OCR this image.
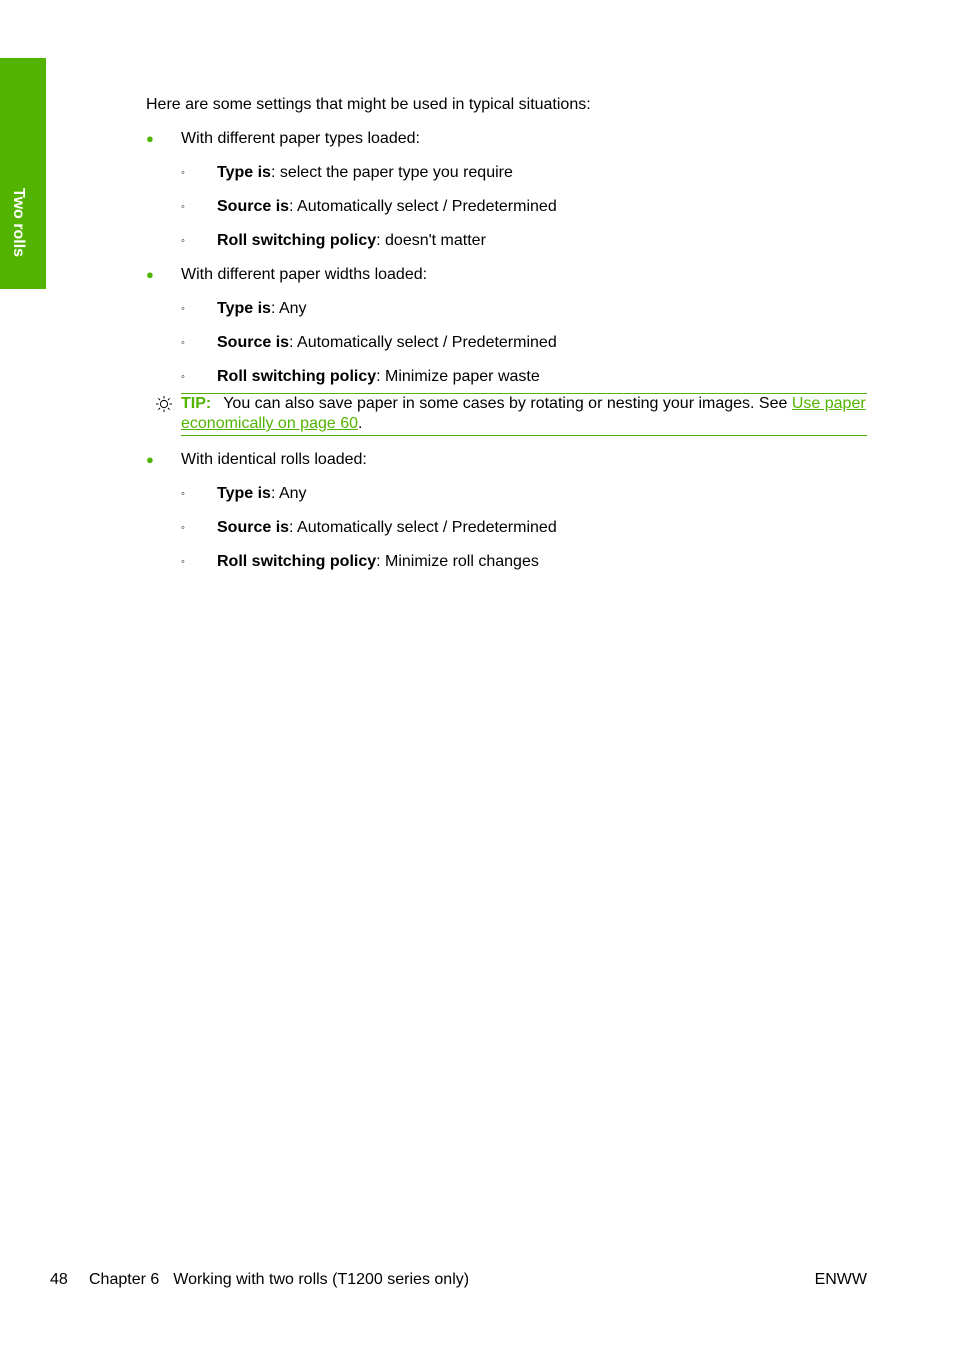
Two rolls

Here are some settings that might be used in typical situations:

● With different paper types loaded:
◦ Type is: select the paper type you require
◦ Source is: Automatically select / Predetermined
◦ Roll switching policy: doesn't matter
● With different paper widths loaded:
◦ Type is: Any
◦ Source is: Automatically select / Predetermined
◦ Roll switching policy: Minimize paper waste
TIP: You can also save paper in some cases by rotating or nesting your images. See Use paper economically on page 60.
● With identical rolls loaded:
◦ Type is: Any
◦ Source is: Automatically select / Predetermined
◦ Roll switching policy: Minimize roll changes
48 Chapter 6 Working with two rolls (T1200 series only)	ENWW
